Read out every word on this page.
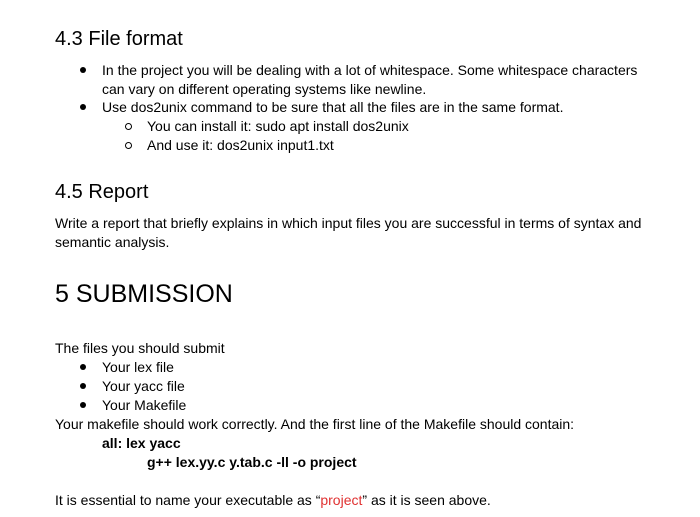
4.3 File format
In the project you will be dealing with a lot of whitespace. Some whitespace characters
can vary on different operating systems like newline.
Use dos2unix command to be sure that all the files are in the same format.
You can install it: sudo apt install dos2unix
And use it: dos2unix input1.txt
4.5 Report
Write a report that briefly explains in which input files you are successful in terms of syntax and
semantic analysis.
5 SUBMISSION
The files you should submit
Your lex file
Your yacc file
Your Makefile
Your makefile should work correctly. And the first line of the Makefile should contain:
all: lex yacc
g++ lex.yy.c y.tab.c -ll -o project
It is essential to name your executable as “project” as it is seen above.
